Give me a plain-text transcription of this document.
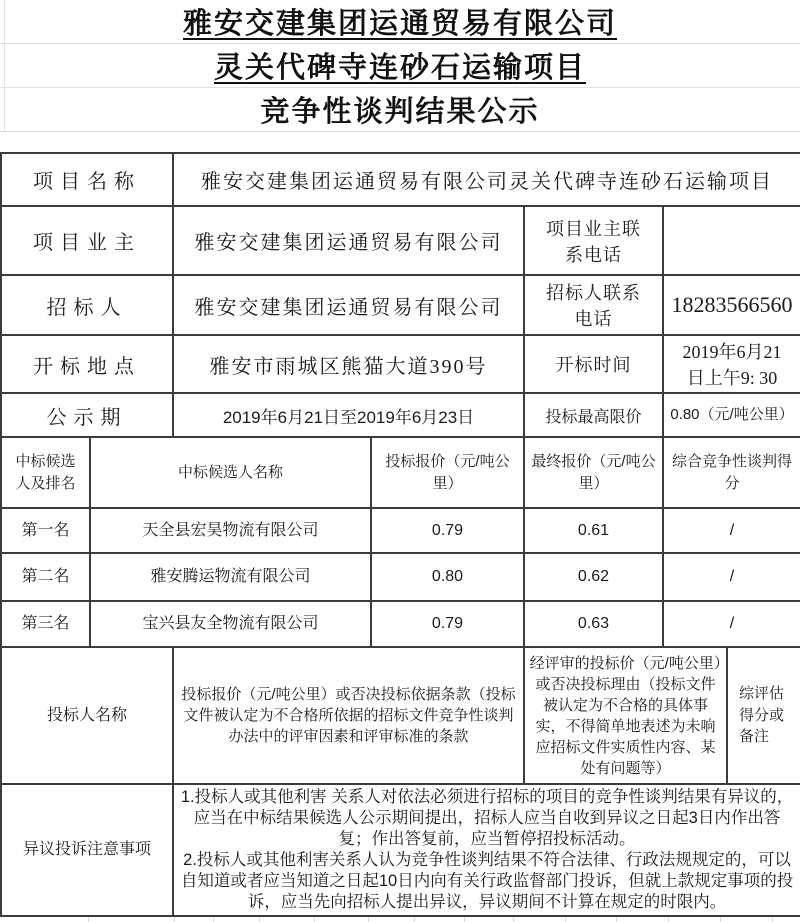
雅安交建集团运通贸易有限公司
灵关代碑寺连砂石运输项目
竞争性谈判结果公示
项目名称		雅安交建集团运通贸易有限公司灵关代碑寺连砂石运输项目				
项目业主		雅安交建集团运通贸易有限公司		项目业主联系电话		
招标人		雅安交建集团运通贸易有限公司		招标人联系电话	18283566560	
开标地点		雅安市雨城区熊猫大道390号		开标时间	2019年6月21日上午9: 30	
公示期		2019年6月21日至2019年6月23日		投标最高限价	0.80（元/吨公里）	
中标候选人及排名	中标候选人名称		投标报价（元/吨公里）	最终报价（元/吨公里）	综合竞争性谈判得分	
第一名	天全县宏昊物流有限公司		0.79	0.61	/	
第二名	雅安腾运物流有限公司		0.80	0.62	/	
第三名	宝兴县友全物流有限公司		0.79	0.63	/	
投标人名称		投标报价（元/吨公里）或否决投标依据条款（投标文件被认定为不合格所依据的招标文件竞争性谈判办法中的评审因素和评审标准的条款		经评审的投标价（元/吨公里）或否决投标理由（投标文件被认定为不合格的具体事实，不得简单地表述为未响应招标文件实质性内容、某处有问题等）		综评估得分或备注
异议投诉注意事项		1.投标人或其他利害 关系人对依法必须进行招标的项目的竞争性谈判结果有异议的，应当在中标结果候选人公示期间提出，招标人应当自收到异议之日起3日内作出答复；作出答复前，应当暂停招投标活动。
2.投标人或其他利害关系人认为竞争性谈判结果不符合法律、行政法规规定的，可以自知道或者应当知道之日起10日内向有关行政监督部门投诉，但就上款规定事项的投诉，应当先向招标人提出异议，异议期间不计算在规定的时限内。				
